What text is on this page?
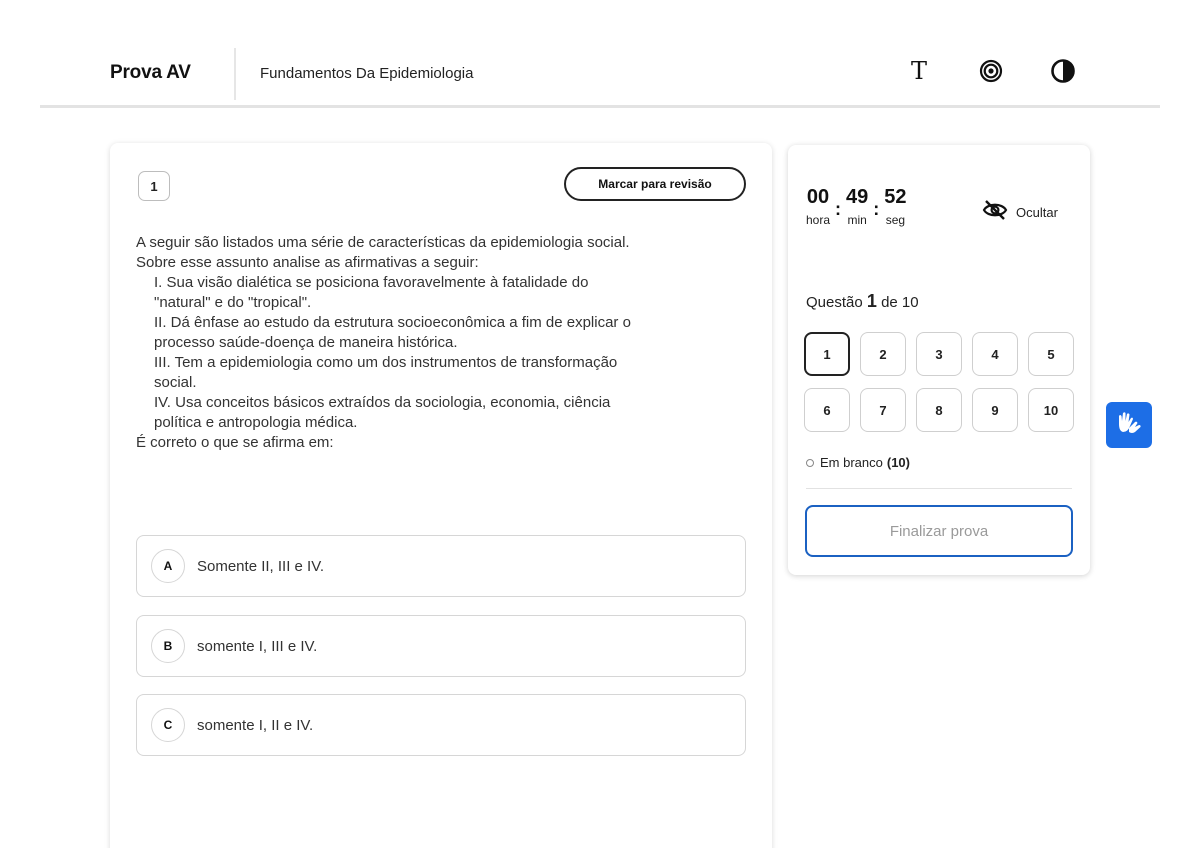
Prova AV	Fundamentos Da Epidemiologia	T
1	Marcar para revisão
A seguir são listados uma série de características da epidemiologia social.
Sobre esse assunto analise as afirmativas a seguir:
I. Sua visão dialética se posiciona favoravelmente à fatalidade do
"natural" e do "tropical".
II. Dá ênfase ao estudo da estrutura socioeconômica a fim de explicar o
processo saúde-doença de maneira histórica.
III. Tem a epidemiologia como um dos instrumentos de transformação
social.
IV. Usa conceitos básicos extraídos da sociologia, economia, ciência
política e antropologia médica.
É correto o que se afirma em:
A	Somente II, III e IV.
B	somente I, III e IV.
C	somente I, II e IV.
00
hora
:
49
min
:
52
seg	Ocultar
Questão 1 de 10
1	2	3	4	5
6	7	8	9	10
Em branco (10)
Finalizar prova
